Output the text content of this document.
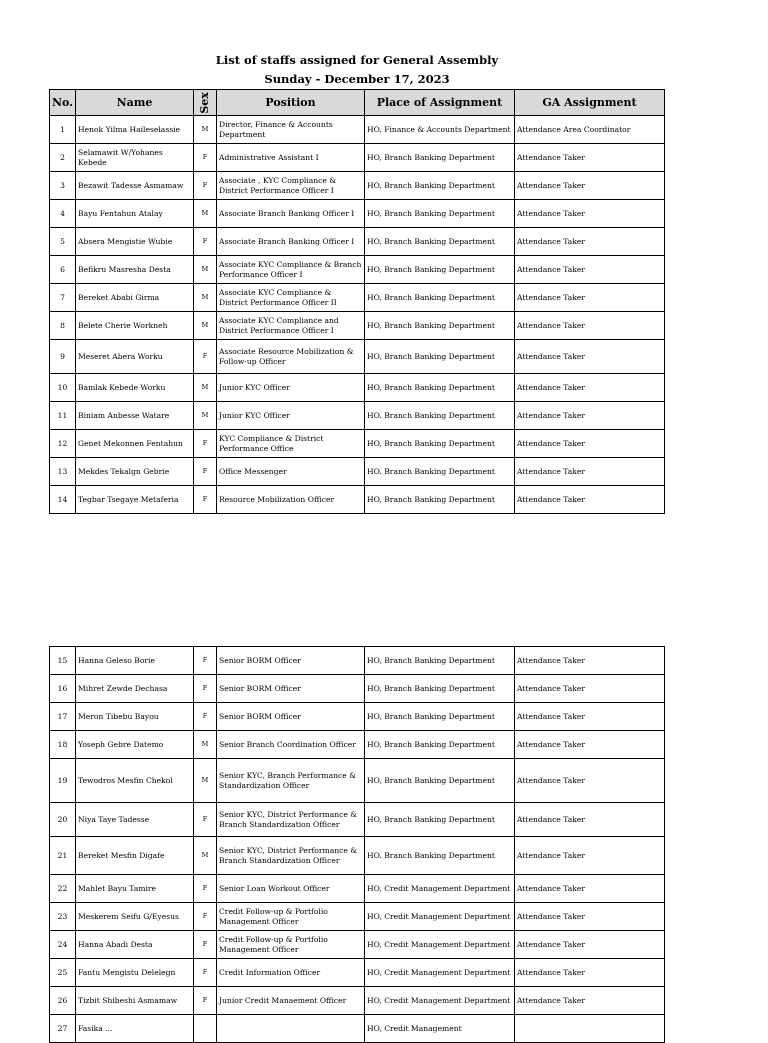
List of staffs assigned for General Assembly
Sunday - December 17, 2023
No.	Name	Sex	Position	Place of Assignment	GA Assignment
1	Henok Yilma Haileselassie	M	Director, Finance & Accounts Department	HO, Finance & Accounts Department	Attendance Area Coordinator
2	Selamawit W/Yohanes Kebede	F	Administrative Assistant I	HO, Branch Banking Department	Attendance Taker
3	Bezawit Tadesse Asmamaw	F	Associate , KYC Compliance & District Performance Officer I	HO, Branch Banking Department	Attendance Taker
4	Bayu Fentahun Atalay	M	Associate Branch Banking Officer I	HO, Branch Banking Department	Attendance Taker
5	Absera Mengistie Wubie	F	Associate Branch Banking Officer I	HO, Branch Banking Department	Attendance Taker
6	Befikru Masresha Desta	M	Associate KYC Compliance & Branch Performance Officer I	HO, Branch Banking Department	Attendance Taker
7	Bereket Ababi Girma	M	Associate KYC Compliance & District Performance Officer II	HO, Branch Banking Department	Attendance Taker
8	Belete Cherie Workneh	M	Associate KYC Compliance and District Performance Officer I	HO, Branch Banking Department	Attendance Taker
9	Meseret Abera Worku	F	Associate Resource Mobilization & Follow-up Officer	HO, Branch Banking Department	Attendance Taker
10	Bamlak Kebede Worku	M	Junior KYC Officer	HO, Branch Banking Department	Attendance Taker
11	Biniam Anbesse Watare	M	Junior KYC Officer	HO, Branch Banking Department	Attendance Taker
12	Genet Mekonnen Fentahun	F	KYC Compliance & District Performance Office	HO, Branch Banking Department	Attendance Taker
13	Mekdes Tekalgn Gebrie	F	Office Messenger	HO, Branch Banking Department	Attendance Taker
14	Tegbar Tsegaye Metaferia	F	Resource Mobilization Officer	HO, Branch Banking Department	Attendance Taker
15	Hanna Geleso Borie	F	Senior BORM Officer	HO, Branch Banking Department	Attendance Taker
16	Mihret Zewde Dechasa	F	Senior BORM Officer	HO, Branch Banking Department	Attendance Taker
17	Meron Tibebu Bayou	F	Senior BORM Officer	HO, Branch Banking Department	Attendance Taker
18	Yoseph Gebre Datemo	M	Senior Branch Coordination Officer	HO, Branch Banking Department	Attendance Taker
19	Tewodros Mesfin Chekol	M	Senior KYC, Branch Performance & Standardization Officer	HO, Branch Banking Department	Attendance Taker
20	Niya Taye Tadesse	F	Senior KYC, District Performance & Branch Standardization Officer	HO, Branch Banking Department	Attendance Taker
21	Bereket Mesfin Digafe	M	Senior KYC, District Performance & Branch Standardization Officer	HO, Branch Banking Department	Attendance Taker
22	Mahlet Bayu Tamire	F	Senior Loan Workout Officer	HO, Credit Management Department	Attendance Taker
23	Meskerem Seifu G/Eyesus	F	Credit Follow-up & Portfolio Management Officer	HO, Credit Management Department	Attendance Taker
24	Hanna Abadi Desta	F	Credit Follow-up & Portfolio Management Officer	HO, Credit Management Department	Attendance Taker
25	Fantu Mengistu Delelegn	F	Credit Information Officer	HO, Credit Management Department	Attendance Taker
26	Tizbit Shibeshi Asmamaw	F	Junior Credit Manaement Officer	HO, Credit Management Department	Attendance Taker
27	Fasika ...			HO, Credit Management	
